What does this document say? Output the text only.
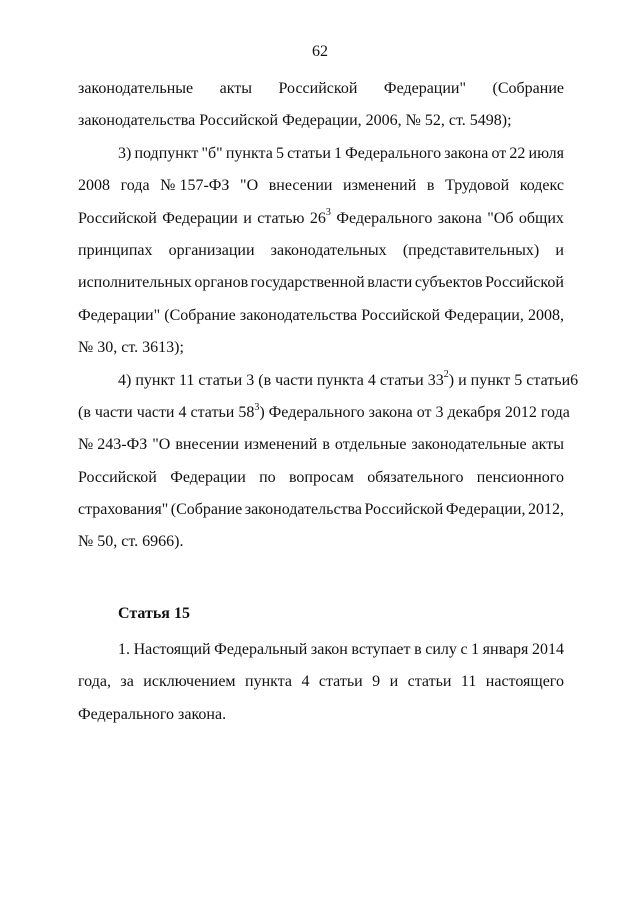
62
законодательные акты Российской Федерации" (Собрание
законодательства Российской Федерации, 2006, № 52, ст. 5498);
3) подпункт "б" пункта 5 статьи 1 Федерального закона от 22 июля
2008 года № 157-ФЗ "О внесении изменений в Трудовой кодекс
Российской Федерации и статью $26^3$ Федерального закона "Об общих
принципах организации законодательных (представительных) и
исполнительных органов государственной власти субъектов Российской
Федерации" (Собрание законодательства Российской Федерации, 2008,
№ 30, ст. 3613);
4) пункт 11 статьи 3 (в части пункта 4 статьи $33^2$) и пункт 5 статьи 6
(в части части 4 статьи $58^3$) Федерального закона от 3 декабря 2012 года
№ 243-ФЗ "О внесении изменений в отдельные законодательные акты
Российской Федерации по вопросам обязательного пенсионного
страхования" (Собрание законодательства Российской Федерации, 2012,
№ 50, ст. 6966).
Статья 15
1. Настоящий Федеральный закон вступает в силу с 1 января 2014
года, за исключением пункта 4 статьи 9 и статьи 11 настоящего
Федерального закона.
